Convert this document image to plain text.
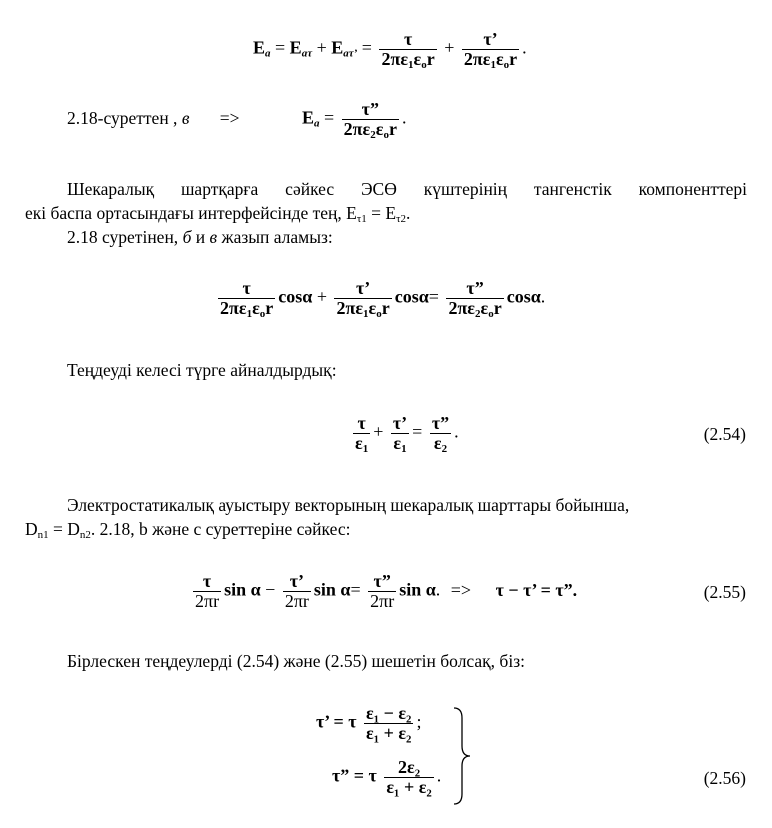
$E_a = E_{a\tau} + E_{a\tau’} = \frac{\tau}{2\pi\varepsilon_1\varepsilon_or} + \frac{\tau’}{2\pi\varepsilon_1\varepsilon_or}$ .
2.18-суреттен , в =>	$E_a = \frac{\tau”}{2\pi\varepsilon_2\varepsilon_or}$ .
Шекаралық шартқарға сәйкес ЭСӨ күштерінің тангенстік компоненттері
екі баспа ортасындағы интерфейсінде тең, $E_{\tau 1} = E_{\tau 2}$.
2.18 суретінен, б и в жазып аламыз:
$\frac{\tau}{2\pi\varepsilon_1\varepsilon_or}$ $\cos\alpha + \frac{\tau’}{2\pi\varepsilon_1\varepsilon_or} \cos\alpha= \frac{\tau”}{2\pi\varepsilon_2\varepsilon_or} \cos\alpha$.
Теңдеуді келесі түрге айналдырдық:
$\frac{\tau}{\varepsilon_1} + \frac{\tau’}{\varepsilon_1} = \frac{\tau”}{\varepsilon_2}$ .	(2.54)
Электростатикалық ауыстыру векторының шекаралық шарттары бойынша,
$D_{n1} = D_{n2}$. 2.18, b және с суреттеріне сәйкес:
$\frac{\tau}{2\pi r}$ $\sin \alpha - \frac{\tau’}{2\pi r}$ $\sin \alpha= \frac{\tau”}{2\pi r}$ sin α. => τ − τ’ = τ”.	(2.55)
Бірлескен теңдеулерді (2.54) және (2.55) шешетін болсақ, біз:
τ’ = τ $\frac{\text{ε₁ − ε₂}}{\text{ε₁ + ε₂}}$ ;
τ” = τ $\frac{\text{2ε₂}}{\text{ε₁ + ε₂}}$ .	(2.56)
